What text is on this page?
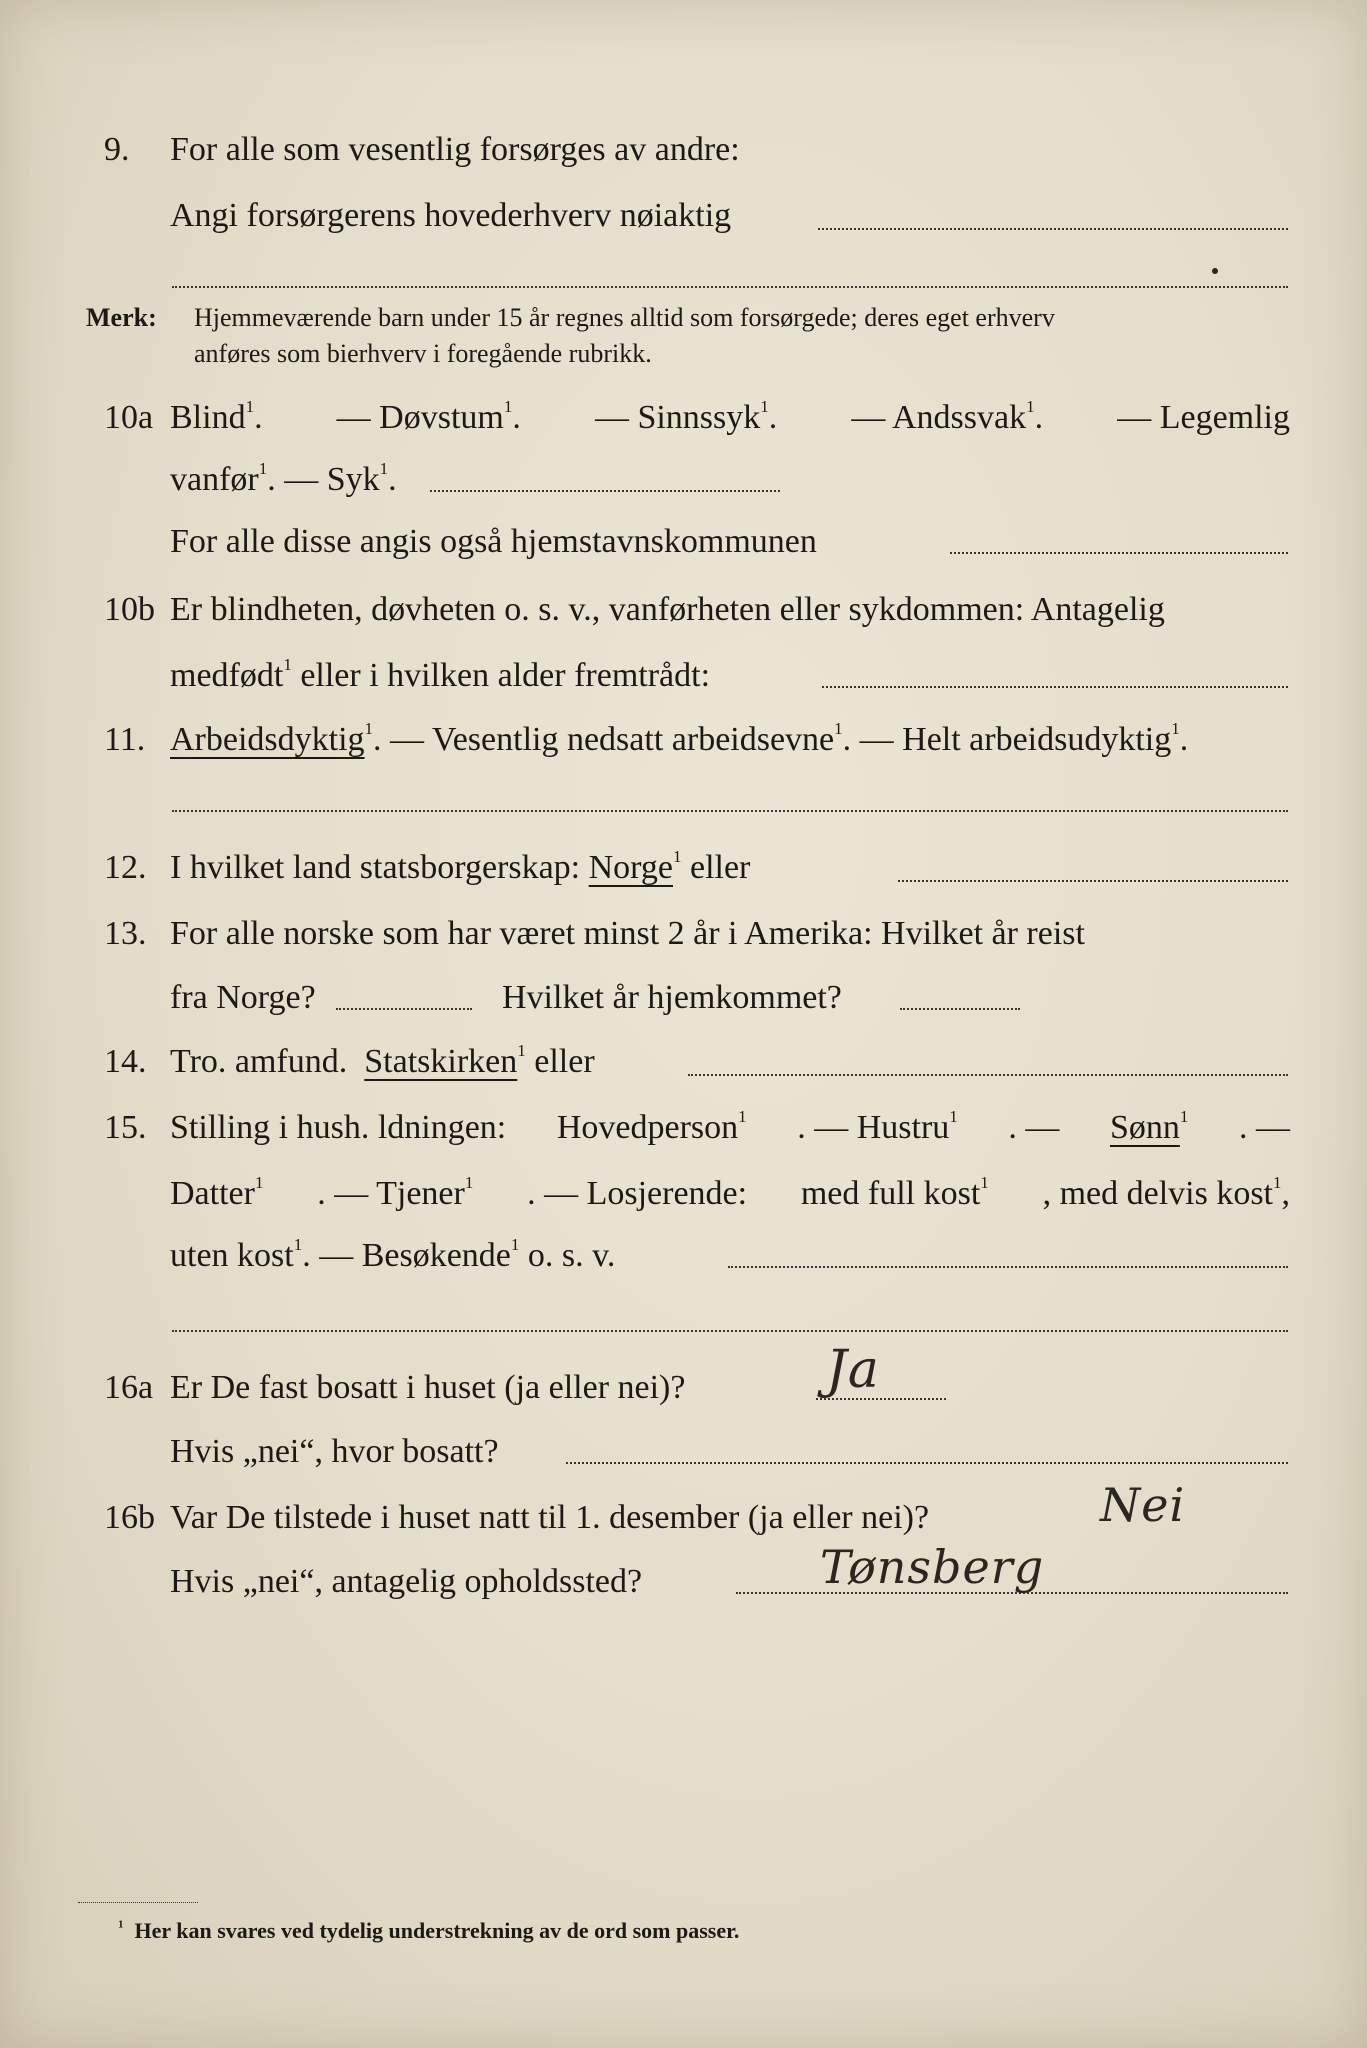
9. For alle som vesentlig forsørges av andre:
Angi forsørgerens hovederhverv nøiaktig
Merk: Hjemmeværende barn under 15 år regnes alltid som forsørgede; deres eget erhverv
anføres som bierhverv i foregående rubrikk.
10a Blind$^1$. — Døvstum$^1$. — Sinnssyk$^1$. — Andssvak$^1$. — Legemlig
vanfør$^1$. — Syk$^1$.
For alle disse angis også hjemstavnskommunen
10b Er blindheten, døvheten o. s. v., vanførheten eller sykdommen: Antagelig
medfødt$^1$ eller i hvilken alder fremtrådt:
11. Arbeidsdyktig$^1$. — Vesentlig nedsatt arbeidsevne$^1$. — Helt arbeidsudyktig$^1$.
12. I hvilket land statsborgerskap: Norge$^1$ eller
13. For alle norske som har været minst 2 år i Amerika: Hvilket år reist
fra Norge?	Hvilket år hjemkommet?
14. Tro. amfund. Statskirken$^1$ eller
15. Stilling i hush. ldningen: Hovedperson$^1$ . — Hustru$^1$ . — Sønn$^1$ . —
Datter$^1$ . — Tjener$^1$ . — Losjerende: med full kost$^1$ , med delvis kost$^1$,
uten kost$^1$. — Besøkende$^1$ o. s. v.
16a Er De fast bosatt i huset (ja eller nei)?	Ja
Hvis „nei“, hvor bosatt?
16b Var De tilstede i huset natt til 1. desember (ja eller nei)?	Nei
Hvis „nei“, antagelig opholdssted?	Tønsberg
$^1$ Her kan svares ved tydelig understrekning av de ord som passer.
